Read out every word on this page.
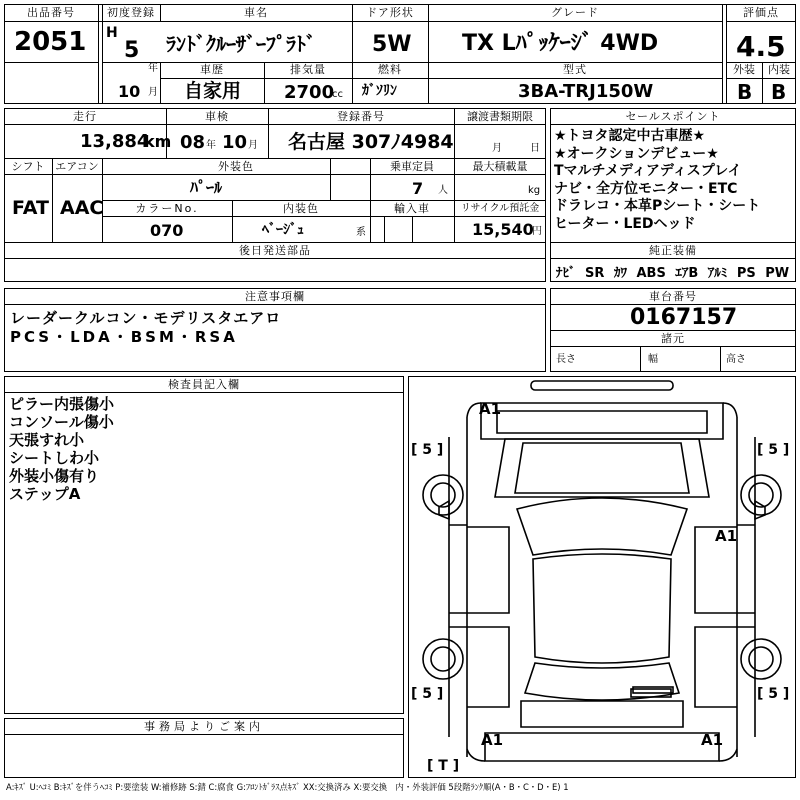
出品番号
2051
初度登録
H
5
年
10 月
車名
ﾗﾝﾄﾞｸﾙｰｻﾞｰﾌﾟﾗﾄﾞ
ドア形状
5W
グレード
TX Lﾊﾟｯｹｰｼﾞ 4WD
評価点
4.5
車歴
自家用
排気量
2700
cc
燃料
ｶﾞｿﾘﾝ
型式
3BA-TRJ150W
外装	内装
B B
走行
13,884
km
車検
08 年 10 月
登録番号
名古屋 307ﾉ4984
譲渡書類期限
月	日
シフト
FAT
エアコン
AAC
外装色
ﾊﾟｰﾙ
乗車定員
7 人
最大積載量
kg
カラーNo.
070
内装色
ﾍﾞｰｼﾞｭ	系
輸入車	リサイクル預託金
15,540
円
後日発送部品
セールスポイント
★トヨタ認定中古車歴★
★オークションデビュー★
Tマルチメディアディスプレイ
ナビ・全方位モニター・ETC
ドラレコ・本革Pシート・シート
ヒーター・LEDヘッド
純正装備
ﾅﾋﾞ SR ｶﾜ ABS ｴｱB ｱﾙﾐ PS PW
注意事項欄
レーダークルコン・モデリスタエアロ
PCS・LDA・BSM・RSA
車台番号
0167157
諸元
長さ	幅	高さ
検査員記入欄
ピラー内張傷小
コンソール傷小
天張すれ小
シートしわ小
外装小傷有り
ステップA
事務局よりご案内
A1
A1
A1	A1
[ 5 ]	[ 5 ]
[ 5 ]	[ 5 ]
[ T ]
A:ｷｽﾞ U:ﾍｺﾐ B:ｷｽﾞを伴うﾍｺﾐ P:要塗装 W:補修跡 S:錆 C:腐食 G:ﾌﾛﾝﾄｶﾞﾗｽ点ｷｽﾞ XX:交換済み X:要交換　内・外装評価 5段階ﾗﾝｸ順(A・B・C・D・E) 1
